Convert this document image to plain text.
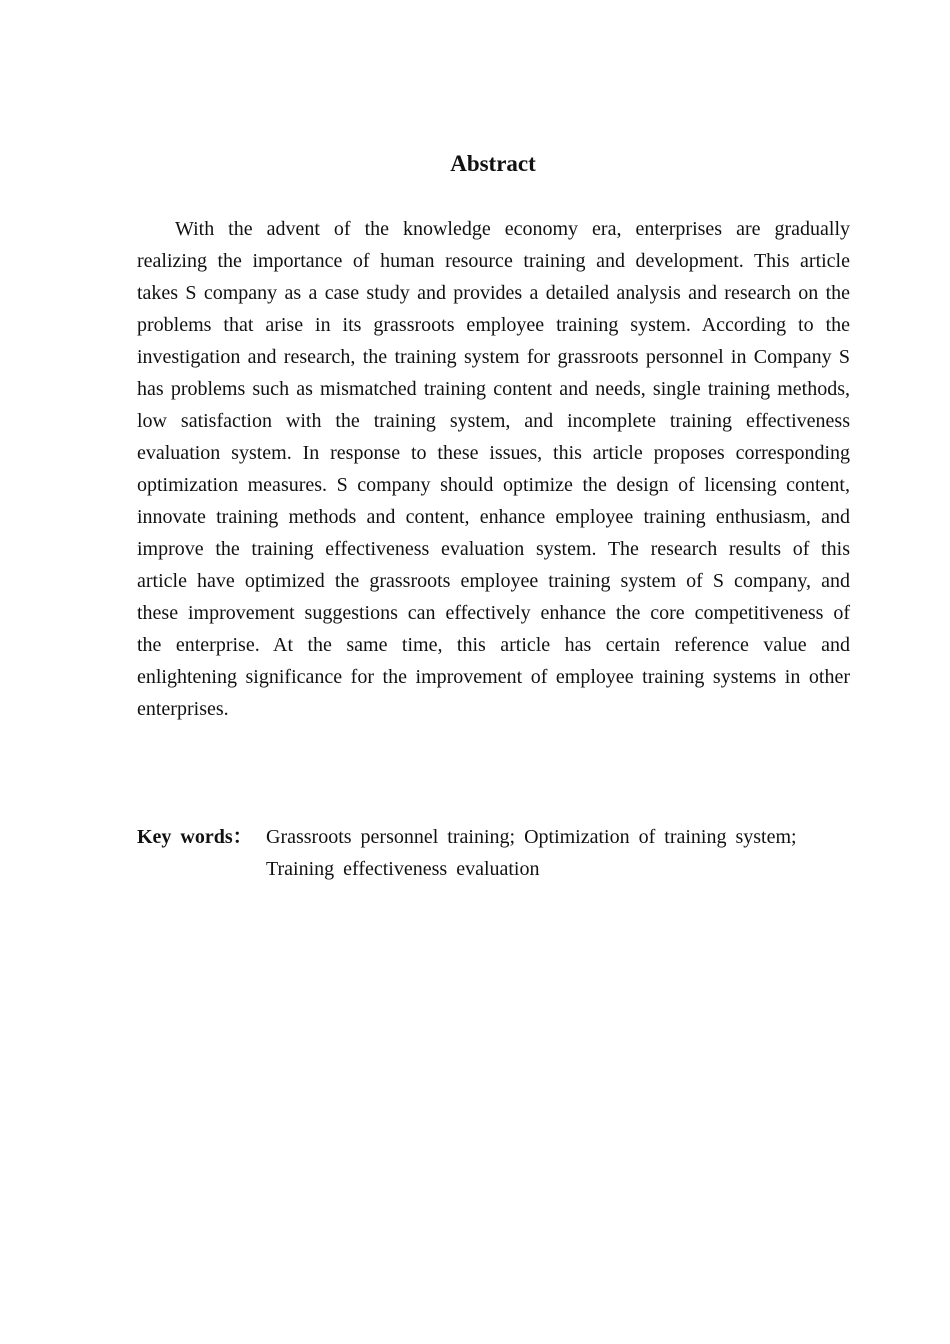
Abstract

With the advent of the knowledge economy era, enterprises are gradually realizing the importance of human resource training and development. This article takes S company as a case study and provides a detailed analysis and research on the problems that arise in its grassroots employee training system. According to the investigation and research, the training system for grassroots personnel in Company S has problems such as mismatched training content and needs, single training methods, low satisfaction with the training system, and incomplete training effectiveness evaluation system. In response to these issues, this article proposes corresponding optimization measures. S company should optimize the design of licensing content, innovate training methods and content, enhance employee training enthusiasm, and improve the training effectiveness evaluation system. The research results of this article have optimized the grassroots employee training system of S company, and these improvement suggestions can effectively enhance the core competitiveness of the enterprise. At the same time, this article has certain reference value and enlightening significance for the improvement of employee training systems in other enterprises.

Key words： Grassroots personnel training; Optimization of training system; Training effectiveness evaluation
